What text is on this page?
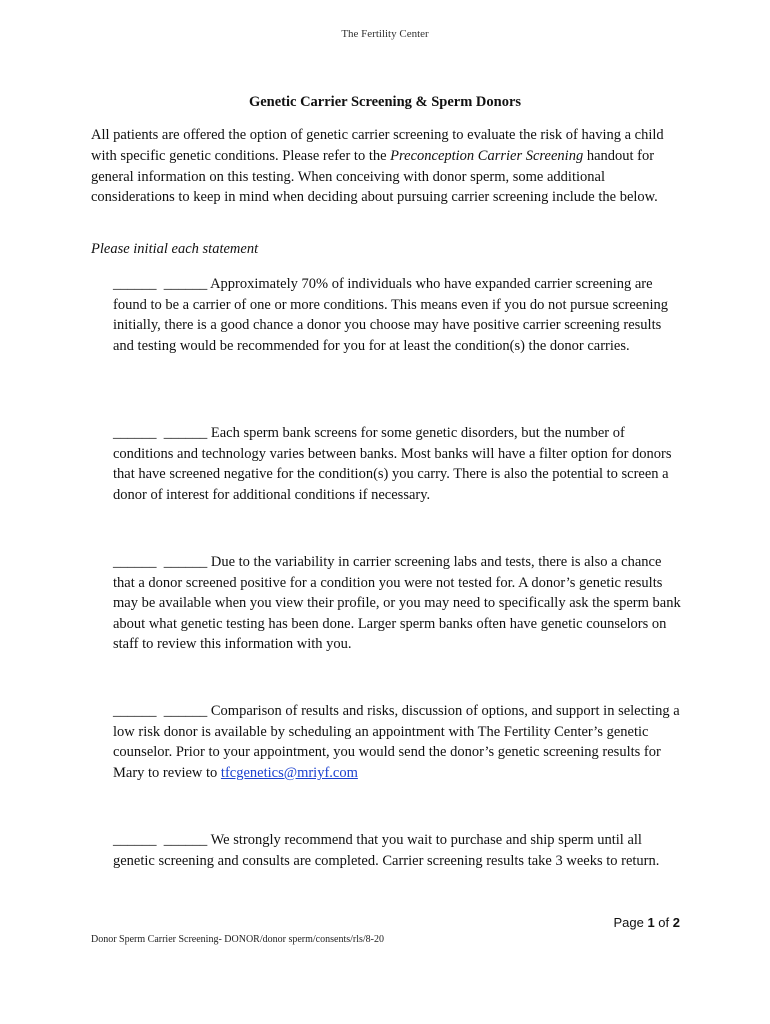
The Fertility Center
Genetic Carrier Screening & Sperm Donors
All patients are offered the option of genetic carrier screening to evaluate the risk of having a child with specific genetic conditions. Please refer to the Preconception Carrier Screening handout for general information on this testing. When conceiving with donor sperm, some additional considerations to keep in mind when deciding about pursuing carrier screening include the below.
Please initial each statement
______  ______ Approximately 70% of individuals who have expanded carrier screening are found to be a carrier of one or more conditions. This means even if you do not pursue screening initially, there is a good chance a donor you choose may have positive carrier screening results and testing would be recommended for you for at least the condition(s) the donor carries.
______  ______ Each sperm bank screens for some genetic disorders, but the number of conditions and technology varies between banks. Most banks will have a filter option for donors that have screened negative for the condition(s) you carry. There is also the potential to screen a donor of interest for additional conditions if necessary.
______  ______ Due to the variability in carrier screening labs and tests, there is also a chance that a donor screened positive for a condition you were not tested for. A donor’s genetic results may be available when you view their profile, or you may need to specifically ask the sperm bank about what genetic testing has been done. Larger sperm banks often have genetic counselors on staff to review this information with you.
______  ______ Comparison of results and risks, discussion of options, and support in selecting a low risk donor is available by scheduling an appointment with The Fertility Center’s genetic counselor. Prior to your appointment, you would send the donor’s genetic screening results for Mary to review to tfcgenetics@mriyf.com
______  ______ We strongly recommend that you wait to purchase and ship sperm until all genetic screening and consults are completed. Carrier screening results take 3 weeks to return.
Page 1 of 2
Donor Sperm Carrier Screening- DONOR/donor sperm/consents/rls/8-20
